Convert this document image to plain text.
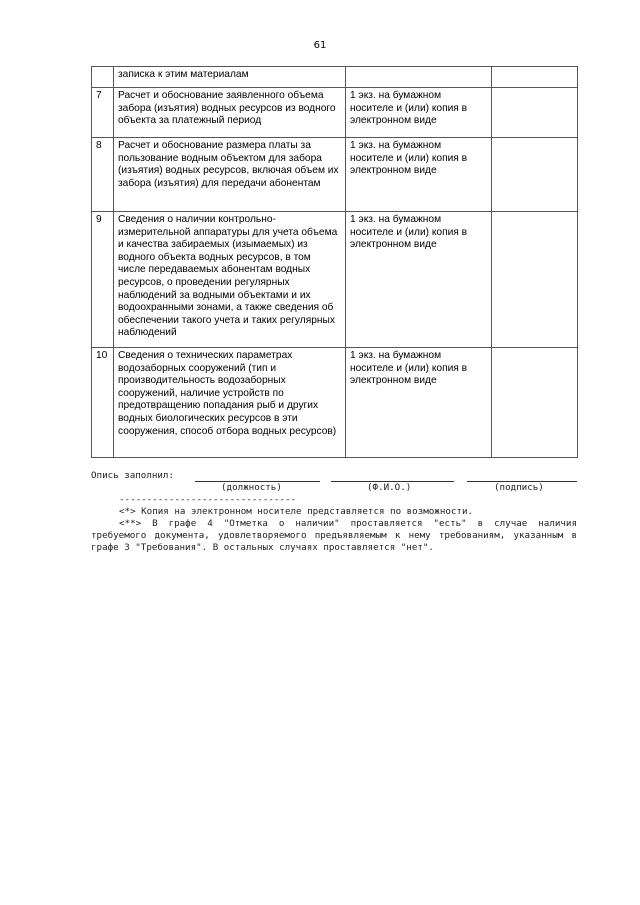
61
	записка к этим материалам		
7	Расчет и обоснование заявленного объема забора (изъятия) водных ресурсов из водного объекта за платежный период	1 экз. на бумажном носителе и (или) копия в электронном виде	
8	Расчет и обоснование размера платы за пользование водным объектом для забора (изъятия) водных ресурсов, включая объем их забора (изъятия) для передачи абонентам	1 экз. на бумажном носителе и (или) копия в электронном виде	
9	Сведения о наличии контрольно-измерительной аппаратуры для учета объема и качества забираемых (изымаемых) из водного объекта водных ресурсов, в том числе передаваемых абонентам водных ресурсов, о проведении регулярных наблюдений за водными объектами и их водоохранными зонами, а также сведения об обеспечении такого учета и таких регулярных наблюдений	1 экз. на бумажном носителе и (или) копия в электронном виде	
10	Сведения о технических параметрах водозаборных сооружений (тип и производительность водозаборных сооружений, наличие устройств по предотвращению попадания рыб и других водных биологических ресурсов в эти сооружения, способ отбора водных ресурсов)	1 экз. на бумажном носителе и (или) копия в электронном виде	
Опись заполнил:
(должность)	(Ф.И.О.)	(подпись)
--------------------------------
<*> Копия на электронном носителе представляется по возможности.
<**> В графе 4 "Отметка о наличии" проставляется "есть" в случае наличия требуемого документа, удовлетворяемого предъявляемым к нему требованиям, указанным в графе 3 "Требования". В остальных случаях проставляется "нет".
